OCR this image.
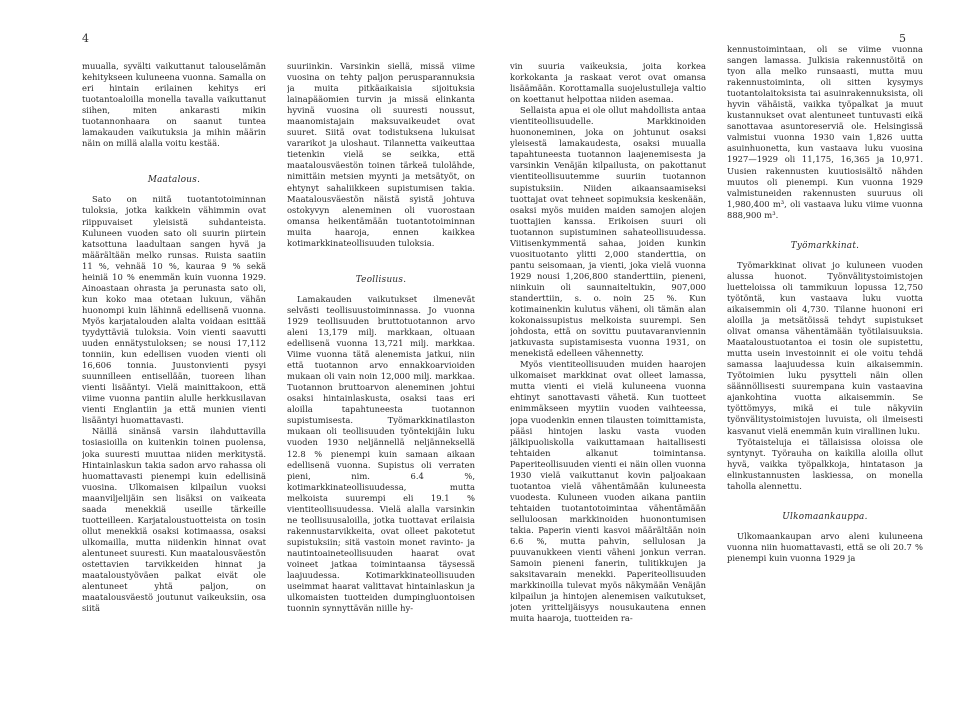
4	5

muualla, syvälti vaikuttanut talouselämän kehitykseen kuluneena vuonna. Samalla on eri hintain erilainen kehitys eri tuotantoaloilla monella tavalla vaikuttanut siihen, miten ankarasti mikin tuotannonhaara on saanut tuntea lamakauden vaikutuksia ja mihin määrin näin on millä alalla voitu kestää.

Maatalous.

Sato on niitä tuotantotoiminnan tuloksia, jotka kaikkein vähimmin ovat riippuvaiset yleisistä suhdanteista. Kuluneen vuoden sato oli suurin piirtein katsottuna laadultaan sangen hyvä ja määrältään melko runsas. Ruista saatiin 11 %, vehnää 10 %, kauraa 9 % sekä heiniä 10 % enemmän kuin vuonna 1929. Ainoastaan ohrasta ja perunasta sato oli, kun koko maa otetaan lukuun, vähän huonompi kuin lähinnä edellisenä vuonna. Myös karjatalouden alalta voidaan esittää tyydyttäviä tuloksia. Voin vienti saavutti uuden ennätystuloksen; se nousi 17,112 tonniin, kun edellisen vuoden vienti oli 16,606 tonnia. Juustonvienti pysyi suunnilleen entisellään, tuoreen lihan vienti lisääntyi. Vielä mainittakoon, että viime vuonna pantiin alulle herkkusilavan vienti Englantiin ja että munien vienti lisääntyi huomattavasti.

Näillä sinänsä varsin ilahduttavilla tosiasioilla on kuitenkin toinen puolensa, joka suuresti muuttaa niiden merkitystä. Hintainlaskun takia sadon arvo rahassa oli huomattavasti pienempi kuin edellisinä vuosina. Ulkomaisen kilpailun vuoksi maanviljelijäin sen lisäksi on vaikeata saada menekkiä useille tärkeille tuotteilleen. Karjataloustuotteista on tosin ollut menekkiä osaksi kotimaassa, osaksi ulkomailla, mutta niidenkin hinnat ovat alentuneet suuresti. Kun maatalousväestön ostettavien tarvikkeiden hinnat ja maataloustyöväen palkat eivät ole alentuneet yhtä paljon, on maatalousväestö joutunut vaikeuksiin, osa siitä

suuriinkin. Varsinkin siellä, missä viime vuosina on tehty paljon perusparannuksia ja muita pitkäaikaisia sijoituksia lainapääomien turvin ja missä elinkanta hyvinä vuosina oli suuresti noussut, maanomistajain maksuvaikeudet ovat suuret. Siitä ovat todistuksena lukuisat vararikot ja uloshaut. Tilannetta vaikeuttaa tietenkin vielä se seikka, että maatalousväestön toinen tärkeä tulolähde, nimittäin metsien myynti ja metsätyöt, on ehtynyt sahaliikkeen supistumisen takia. Maatalousväestön näistä syistä johtuva ostokyvyn aleneminen oli vuorostaan omansa heikentämään tuotantotoiminnan muita haaroja, ennen kaikkea kotimarkkinateollisuuden tuloksia.

Teollisuus.

Lamakauden vaikutukset ilmenevät selvästi teollisuustoiminnassa. Jo vuonna 1929 teollisuuden bruttotuotannon arvo aleni 13,179 milj. markkaan, oltuaan edellisenä vuonna 13,721 milj. markkaa. Viime vuonna tätä alenemista jatkui, niin että tuotannon arvo ennakkoarvioiden mukaan oli vain noin 12,000 milj. markkaa. Tuotannon bruttoarvon aleneminen johtui osaksi hintainlaskusta, osaksi taas eri aloilla tapahtuneesta tuotannon supistumisesta. Työmarkkinatilaston mukaan oli teollisuuden työntekijäin luku vuoden 1930 neljännellä neljänneksellä 12.8 % pienempi kuin samaan aikaan edellisenä vuonna. Supistus oli verraten pieni, nim. 6.4 %, kotimarkkinateollisuudessa, mutta melkoista suurempi eli 19.1 % vientiteollisuudessa. Vielä alalla varsinkin ne teollisuusaloilla, jotka tuottavat erilaisia rakennustarvikkeita, ovat olleet pakotetut supistuksiin; sitä vastoin monet ravinto- ja nautintoaineteollisuuden haarat ovat voineet jatkaa toimintaansa täysessä laajuudessa. Kotimarkkinateollisuuden useimmat haarat valittavat hintainlaskun ja ulkomaisten tuotteiden dumpingluontoisen tuonnin synnyttävän niille hy-

vin suuria vaikeuksia, joita korkea korkokanta ja raskaat verot ovat omansa lisäämään. Korottamalla suojelustulleja valtio on koettanut helpottaa niiden asemaa.

Sellaista apua ei ole ollut mahdollista antaa vientiteollisuudelle. Markkinoiden huononeminen, joka on johtunut osaksi yleisestä lamakaudesta, osaksi muualla tapahtuneesta tuotannon laajenemisesta ja varsinkin Venäjän kilpailusta, on pakottanut vientiteollisuutemme suuriin tuotannon supistuksiin. Niiden aikaansaamiseksi tuottajat ovat tehneet sopimuksia keskenään, osaksi myös muiden maiden samojen alojen tuottajien kanssa. Erikoisen suuri oli tuotannon supistuminen sahateollisuudessa. Viitisenkymmentä sahaa, joiden kunkin vuosituotanto ylitti 2,000 standerttia, on pantu seisomaan, ja vienti, joka vielä vuonna 1929 nousi 1,206,800 standerttiin, pieneni, niinkuin oli saunnaiteltukin, 907,000 standerttiin, s. o. noin 25 %. Kun kotimainenkin kulutus väheni, oli tämän alan kokonaissupistus melkoista suurempi. Sen johdosta, että on sovittu puutavaranviennin jatkuvasta supistamisesta vuonna 1931, on menekistä edelleen vähennetty.

Myös vientiteollisuuden muiden haarojen ulkomaiset markkinat ovat olleet lamassa, mutta vienti ei vielä kuluneena vuonna ehtinyt sanottavasti vähetä. Kun tuotteet enimmäkseen myytiin vuoden vaihteessa, jopa vuodenkin ennen tilausten toimittamista, pääsi hintojen lasku vasta vuoden jälkipuoliskolla vaikuttamaan haitallisesti tehtaiden alkanut toimintansa. Paperiteollisuuden vienti ei näin ollen vuonna 1930 vielä vaikuttanut kovin paljoakaan tuotantoa vielä vähentämään kuluneesta vuodesta. Kuluneen vuoden aikana pantiin tehtaiden tuotantotoimintaa vähentämään selluloosan markkinoiden huonontumisen takia. Paperin vienti kasvoi määrältään noin 6.6 %, mutta pahvin, sellulosan ja puuvanukkeen vienti väheni jonkun verran. Samoin pieneni fanerin, tulitikkujen ja saksitavarain menekki. Paperiteollisuuden markkinoilla tulevat myös näkymään Venäjän kilpailun ja hintojen alenemisen vaikutukset, joten yrittelijäisyys nousukautena ennen muita haaroja, tuotteiden ra-

kennustoimintaan, oli se viime vuonna sangen lamassa. Julkisia rakennustöitä on tyon alla melko runsaasti, mutta muu rakennustoiminta, oli sitten kysymys tuotantolaitoksista tai asuinrakennuksista, oli hyvin vähäistä, vaikka työpalkat ja muut kustannukset ovat alentuneet tuntuvasti eikä sanottavaa asuntoreserviä ole. Helsingissä valmistui vuonna 1930 vain 1,826 uutta asuinhuonetta, kun vastaava luku vuosina 1927—1929 oli 11,175, 16,365 ja 10,971. Uusien rakennusten kuutiosisältö nähden muutos oli pienempi. Kun vuonna 1929 valmistuneiden rakennusten suuruus oli 1,980,400 m³, oli vastaava luku viime vuonna 888,900 m³.

Työmarkkinat.

Työmarkkinat olivat jo kuluneen vuoden alussa huonot. Työnvälitystoimistojen luetteloissa oli tammikuun lopussa 12,750 työtöntä, kun vastaava luku vuotta aikaisemmin oli 4,730. Tilanne huononi eri aloilla ja metsätöissä tehdyt supistukset olivat omansa vähentämään työtilaisuuksia. Maataloustuotantoa ei tosin ole supistettu, mutta usein investoinnit ei ole voitu tehdä samassa laajuudessa kuin aikaisemmin. Työtoimien luku pysytteli näin ollen säännöllisesti suurempana kuin vastaavina ajankohtina vuotta aikaisemmin. Se työttömyys, mikä ei tule näkyviin työnvälitystoimistojen luvuista, oli ilmeisesti kasvanut vielä enemmän kuin virallinen luku.

Työtaisteluja ei tällaisissa oloissa ole syntynyt. Työrauha on kaikilla aloilla ollut hyvä, vaikka työpalkkoja, hintatason ja elinkustannusten laskiessa, on monella taholla alennettu.

Ulkomaankauppa.

Ulkomaankaupan arvo aleni kuluneena vuonna niin huomattavasti, että se oli 20.7 % pienempi kuin vuonna 1929 ja
